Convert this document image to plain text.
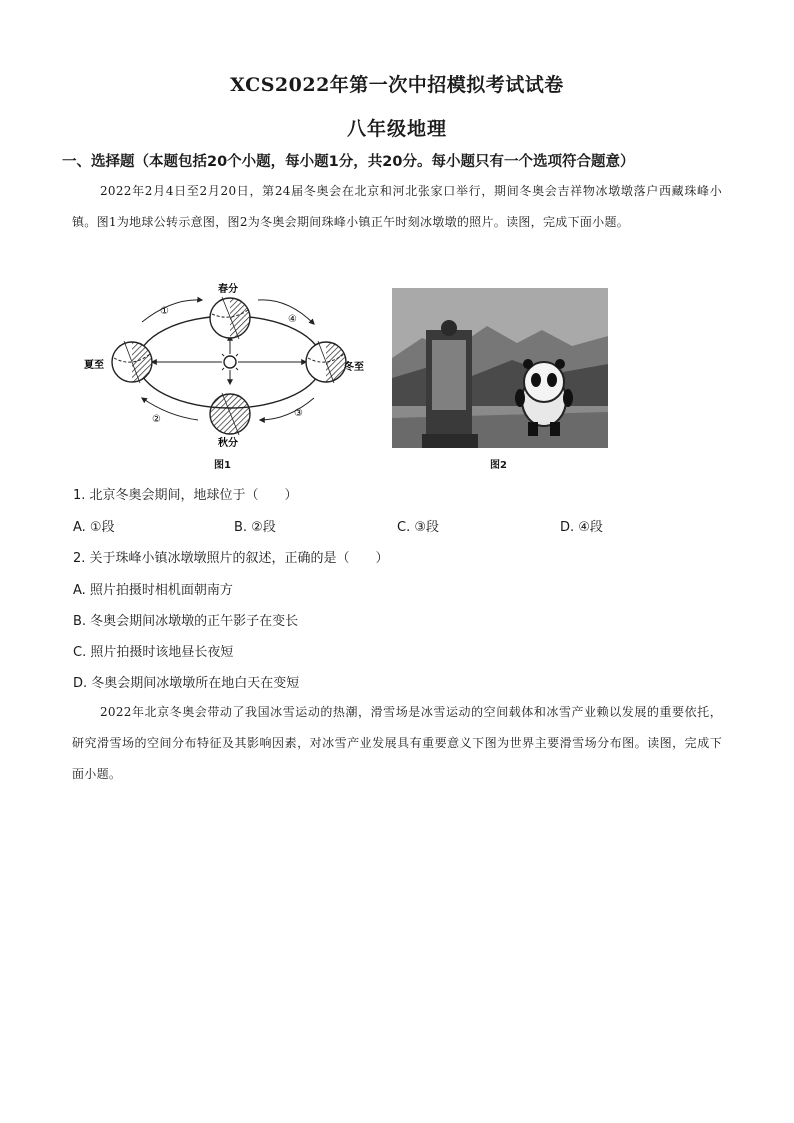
XCS2022年第一次中招模拟考试试卷
八年级地理
一、选择题（本题包括20个小题，每小题1分，共20分。每小题只有一个选项符合题意）
2022年2月4日至2月20日，第24届冬奥会在北京和河北张家口举行，期间冬奥会吉祥物冰墩墩落户西藏珠峰小镇。图1为地球公转示意图，图2为冬奥会期间珠峰小镇正午时刻冰墩墩的照片。读图，完成下面小题。
春分
夏至	冬至
秋分
①
④
②
③
图1	图2
1. 北京冬奥会期间，地球位于（　　）
A. ①段	B. ②段	C. ③段	D. ④段
2. 关于珠峰小镇冰墩墩照片的叙述，正确的是（　　）
A. 照片拍摄时相机面朝南方
B. 冬奥会期间冰墩墩的正午影子在变长
C. 照片拍摄时该地昼长夜短
D. 冬奥会期间冰墩墩所在地白天在变短
2022年北京冬奥会带动了我国冰雪运动的热潮，滑雪场是冰雪运动的空间载体和冰雪产业赖以发展的重要依托，研究滑雪场的空间分布特征及其影响因素，对冰雪产业发展具有重要意义下图为世界主要滑雪场分布图。读图，完成下面小题。
